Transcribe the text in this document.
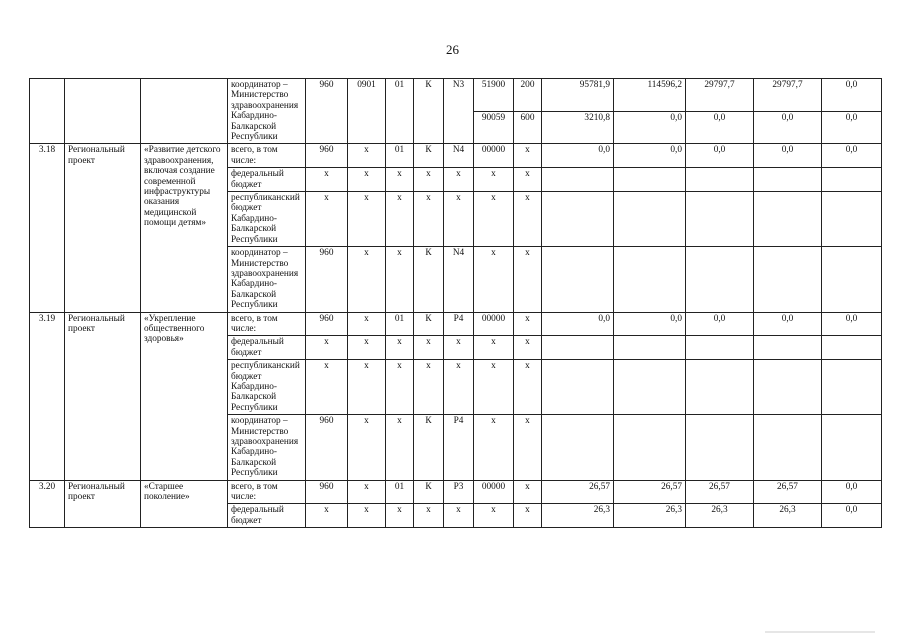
26
			координатор – Министерство здравоохранения Кабардино-Балкарской Республики	960	0901	01	К	N3	51900	200	95781,9	114596,2	29797,7	29797,7	0,0
									90059	600	3210,8	0,0	0,0	0,0	0,0
3.18	Региональный проект	«Развитие детского здравоохранения, включая создание современной инфраструктуры оказания медицинской помощи детям»	всего, в том числе:	960	х	01	К	N4	00000	х	0,0	0,0	0,0	0,0	0,0
			федеральный бюджет	х	х	х	х	х	х	х					
			республиканский бюджет Кабардино-Балкарской Республики	х	х	х	х	х	х	х					
			координатор – Министерство здравоохранения Кабардино-Балкарской Республики	960	х	х	К	N4	х	х					
3.19	Региональный проект	«Укрепление общественного здоровья»	всего, в том числе:	960	х	01	К	P4	00000	х	0,0	0,0	0,0	0,0	0,0
			федеральный бюджет	х	х	х	х	х	х	х					
			республиканский бюджет Кабардино-Балкарской Республики	х	х	х	х	х	х	х					
			координатор – Министерство здравоохранения Кабардино-Балкарской Республики	960	х	х	К	P4	х	х					
3.20	Региональный проект	«Старшее поколение»	всего, в том числе:	960	х	01	К	P3	00000	х	26,57	26,57	26,57	26,57	0,0
			федеральный бюджет	х	х	х	х	х	х	х	26,3	26,3	26,3	26,3	0,0
